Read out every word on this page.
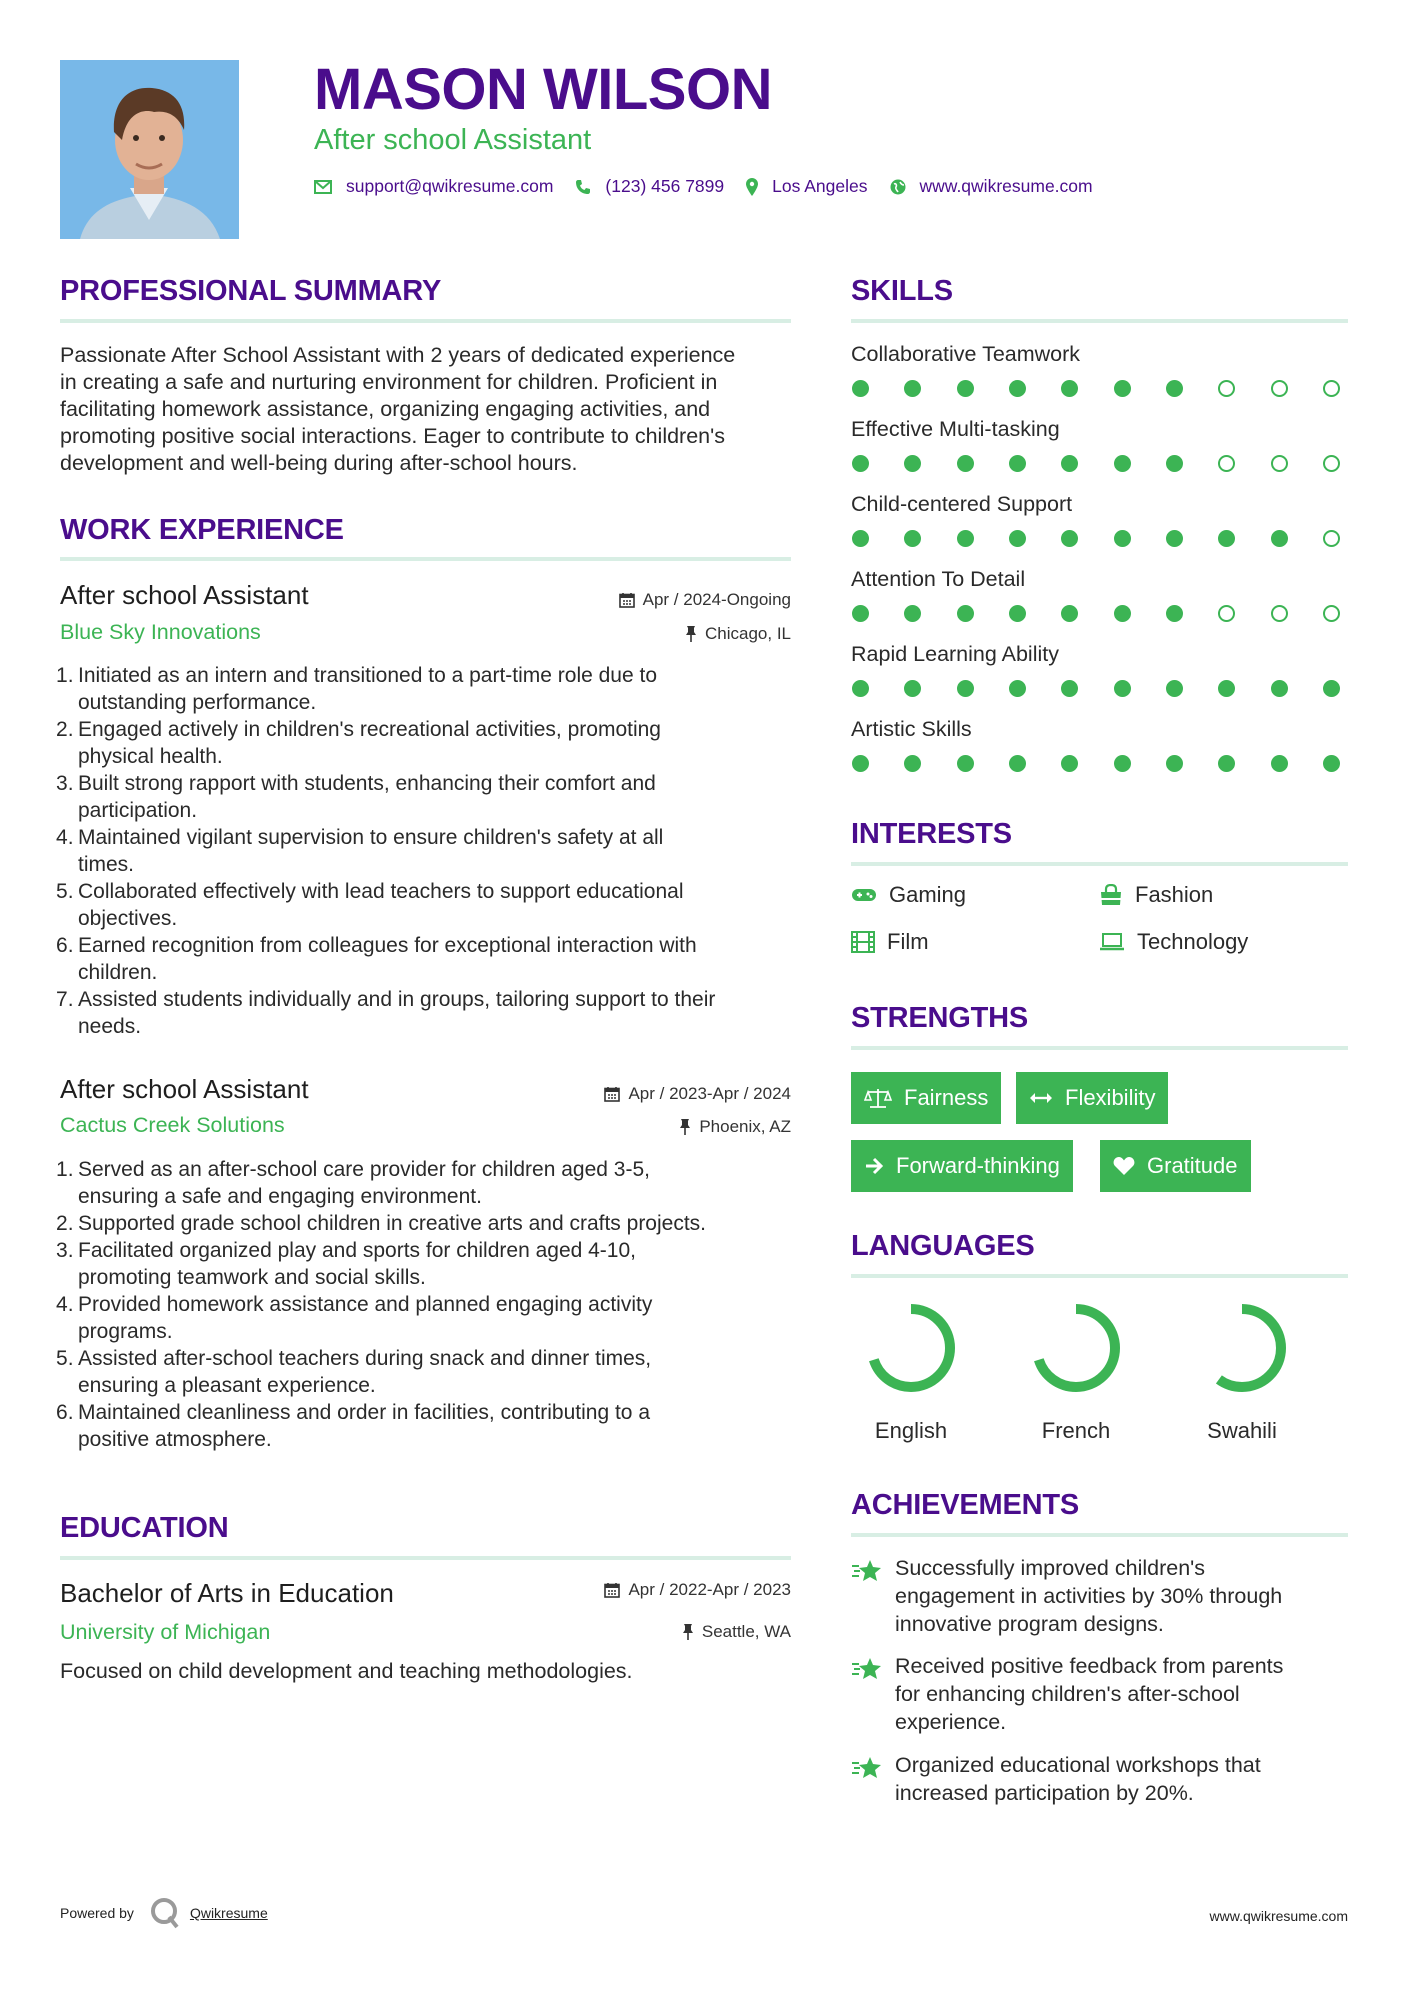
MASON WILSON
After school Assistant
support@qwikresume.com	(123) 456 7899	Los Angeles	www.qwikresume.com
PROFESSIONAL SUMMARY
Passionate After School Assistant with 2 years of dedicated experience
in creating a safe and nurturing environment for children. Proficient in
facilitating homework assistance, organizing engaging activities, and
promoting positive social interactions. Eager to contribute to children's
development and well-being during after-school hours.
WORK EXPERIENCE
After school Assistant	Apr / 2024-Ongoing
Blue Sky Innovations	Chicago, IL
Initiated as an intern and transitioned to a part-time role due to
outstanding performance.
Engaged actively in children's recreational activities, promoting
physical health.
Built strong rapport with students, enhancing their comfort and
participation.
Maintained vigilant supervision to ensure children's safety at all
times.
Collaborated effectively with lead teachers to support educational
objectives.
Earned recognition from colleagues for exceptional interaction with
children.
Assisted students individually and in groups, tailoring support to their
needs.
After school Assistant	Apr / 2023-Apr / 2024
Cactus Creek Solutions	Phoenix, AZ
Served as an after-school care provider for children aged 3-5,
ensuring a safe and engaging environment.
Supported grade school children in creative arts and crafts projects.
Facilitated organized play and sports for children aged 4-10,
promoting teamwork and social skills.
Provided homework assistance and planned engaging activity
programs.
Assisted after-school teachers during snack and dinner times,
ensuring a pleasant experience.
Maintained cleanliness and order in facilities, contributing to a
positive atmosphere.
EDUCATION
Bachelor of Arts in Education	Apr / 2022-Apr / 2023
University of Michigan	Seattle, WA
Focused on child development and teaching methodologies.
SKILLS
Collaborative Teamwork
Effective Multi-tasking
Child-centered Support
Attention To Detail
Rapid Learning Ability
Artistic Skills
INTERESTS
Gaming	Fashion
Film	Technology
STRENGTHS
Fairness	Flexibility
Forward-thinking	Gratitude
LANGUAGES
English	French	Swahili
ACHIEVEMENTS
Successfully improved children's
engagement in activities by 30% through
innovative program designs.
Received positive feedback from parents
for enhancing children's after-school
experience.
Organized educational workshops that
increased participation by 20%.
Powered by	Qwikresume	www.qwikresume.com
